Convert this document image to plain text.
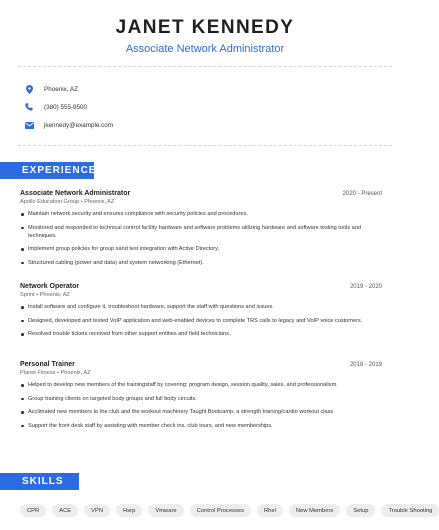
JANET KENNEDY
Associate Network Administrator
Phoenix, AZ
(380) 555-9500
jkennedy@example.com
EXPERIENCE
Associate Network Administrator	2020 - Present
Apollo Education Group • Phoenix, AZ
Maintain network security and ensures compliance with security policies and procedures.
Monitored and responded to technical control facility hardware and software problems utilizing hardware and software testing tools and techniques.
Implement group policies for group sand test integration with Active Directory.
Structured cabling (power and data) and system networking (Ethernet).
Network Operator	2019 - 2020
Sprint • Phoenix, AZ
Install software and configure it, troubleshoot hardware, support the staff with questions and issues.
Designed, developed and tested VoIP application and web-enabled devices to complete TRS calls to legacy and VoIP voice customers.
Resolved trouble tickets received from other support entities and field technicians.
Personal Trainer	2018 - 2019
Planet Fitness • Phoenix, AZ
Helped to develop new members of the trainingstaff by covering: program design, session quality, sales, and professionalism.
Group training clients on targeted body groups and full body circuits.
Acclimated new members to the club and the workout machinery Taught Bootcamp, a strength training/cardio workout class
Support the front desk staff by assisting with member check ins, club tours, and new memberships.
SKILLS
CPR	ACE	VPN	Hsrp	Vmware	Control Processes	Rhel	New Members	Setup	Trouble Shooting
